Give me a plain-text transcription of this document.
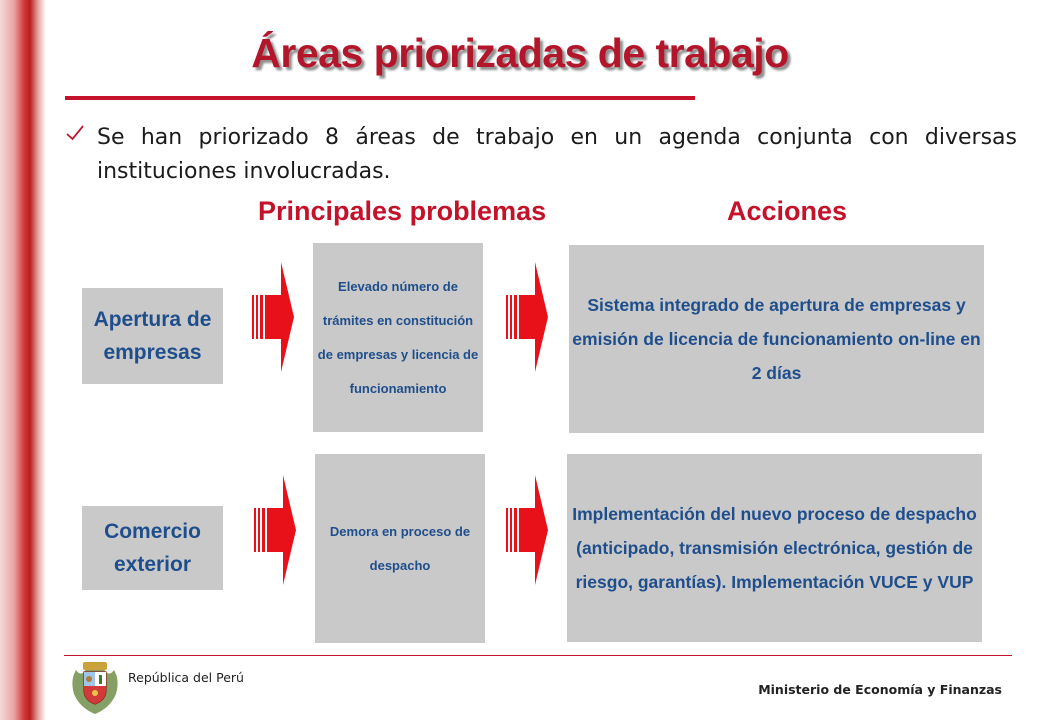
Áreas priorizadas de trabajo
Se han priorizado 8 áreas de trabajo en un agenda conjunta con diversas instituciones involucradas.
Principales problemas	Acciones
Apertura de empresas
Elevado número de trámites en constitución de empresas y licencia de funcionamiento
Sistema integrado de apertura de empresas y emisión de licencia de funcionamiento on-line en 2 días
Comercio exterior
Demora en proceso de despacho
Implementación del nuevo proceso de despacho (anticipado, transmisión electrónica, gestión de riesgo, garantías). Implementación VUCE y VUP
República del Perú
Ministerio de Economía y Finanzas
